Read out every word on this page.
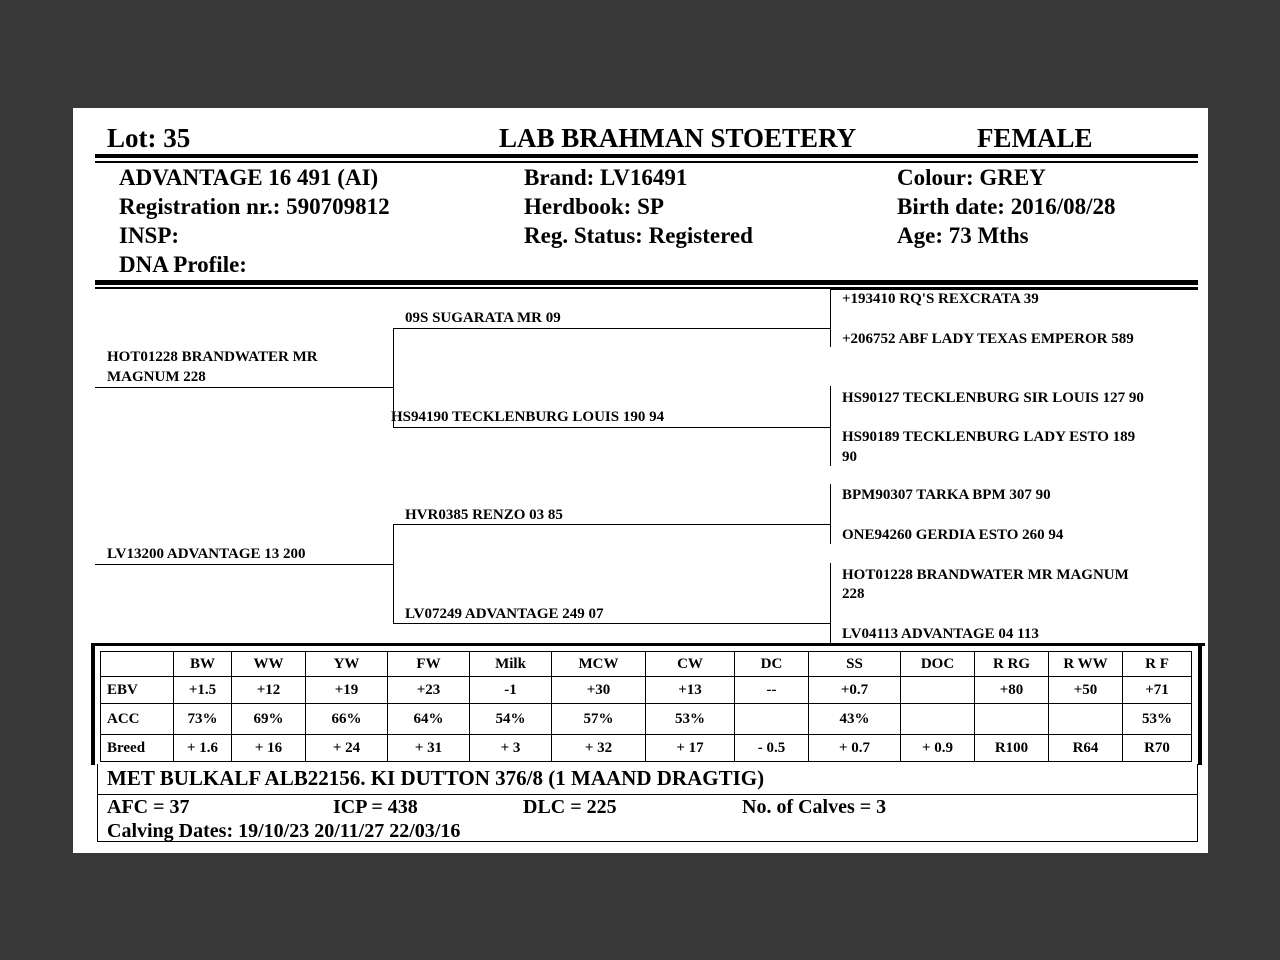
Lot: 35	LAB BRAHMAN STOETERY	FEMALE
ADVANTAGE 16 491 (AI)
Registration nr.: 590709812
INSP:
DNA Profile:
Brand: LV16491
Herdbook: SP
Reg. Status: Registered
Colour: GREY
Birth date: 2016/08/28
Age: 73 Mths
HOT01228 BRANDWATER MR
MAGNUM 228
LV13200 ADVANTAGE 13 200
09S SUGARATA MR 09
HS94190 TECKLENBURG LOUIS 190 94
HVR0385 RENZO 03 85
LV07249 ADVANTAGE 249 07
+193410 RQ'S REXCRATA 39
+206752 ABF LADY TEXAS EMPEROR 589
HS90127 TECKLENBURG SIR LOUIS 127 90
HS90189 TECKLENBURG LADY ESTO 189
90
BPM90307 TARKA BPM 307 90
ONE94260 GERDIA ESTO 260 94
HOT01228 BRANDWATER MR MAGNUM
228
LV04113 ADVANTAGE 04 113
	BW	WW	YW	FW	Milk	MCW	CW	DC	SS	DOC	R RG	R WW	R F
EBV	+1.5	+12	+19	+23	-1	+30	+13	--	+0.7		+80	+50	+71
ACC	73%	69%	66%	64%	54%	57%	53%		43%				53%
Breed	+ 1.6	+ 16	+ 24	+ 31	+ 3	+ 32	+ 17	- 0.5	+ 0.7	+ 0.9	R100	R64	R70
MET BULKALF ALB22156. KI DUTTON 376/8 (1 MAAND DRAGTIG)
AFC = 37	ICP = 438	DLC = 225	No. of Calves = 3
Calving Dates: 19/10/23 20/11/27 22/03/16
